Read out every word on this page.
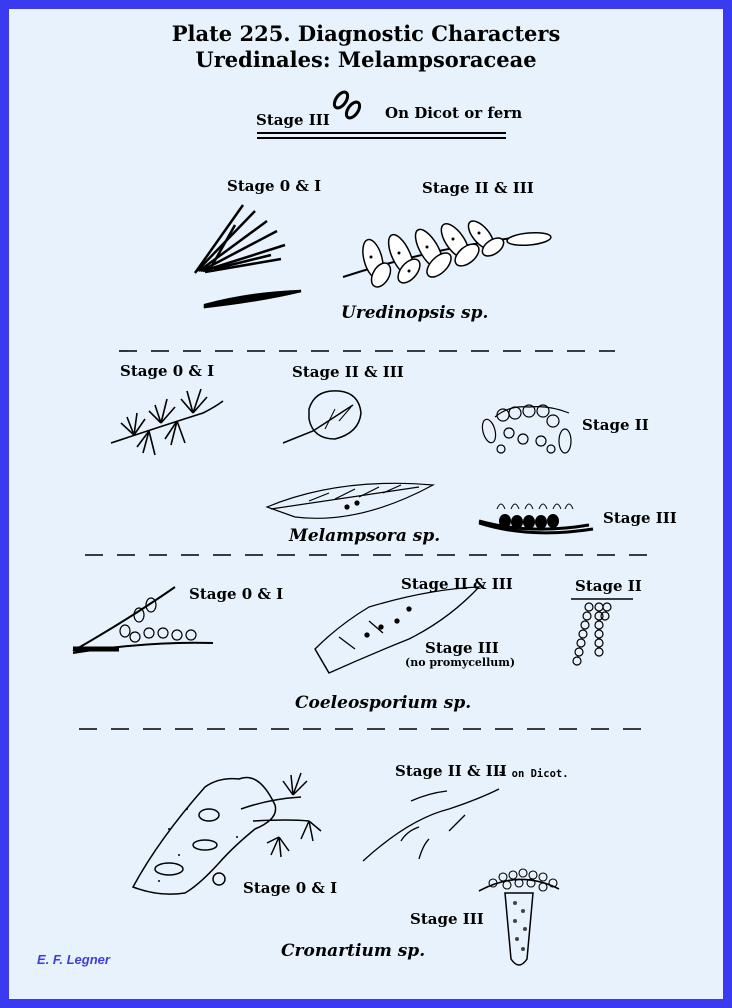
Plate 225. Diagnostic Characters
Uredinales: Melampsoraceae
Stage III	On Dicot or fern
Stage 0 & I	Stage II & III
Uredinopsis sp.
Stage 0 & I	Stage II & III
Stage II
Stage III
Melampsora sp.
Stage 0 & I
Stage II & III	Stage II
Stage III
(no promycellum)
Coeleosporium sp.
Stage II & III
= on Dicot.
Stage 0 & I
Stage III
Cronartium sp.
E. F. Legner
